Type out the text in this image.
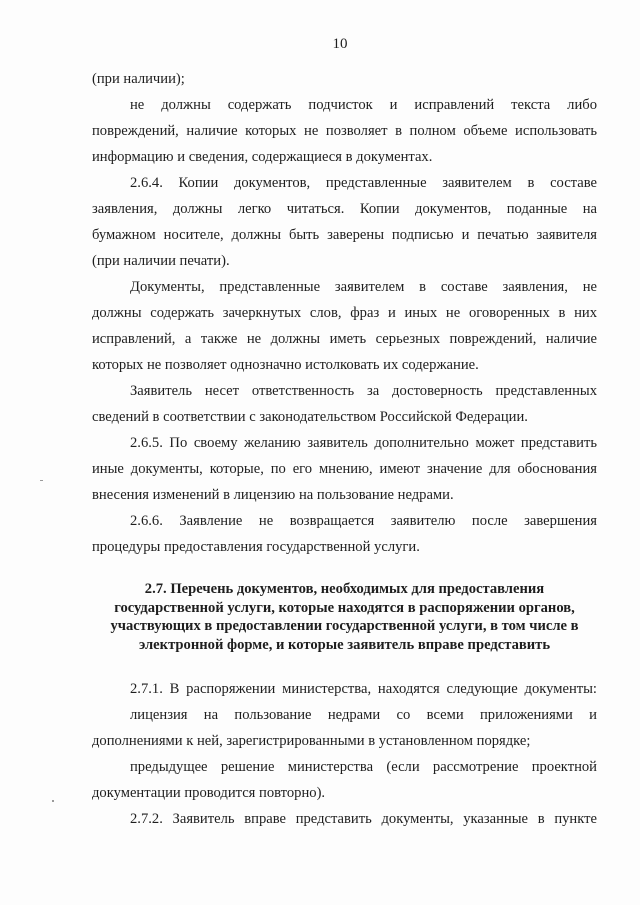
10
(при наличии);
не должны содержать подчисток и исправлений текста либо
повреждений, наличие которых не позволяет в полном объеме использовать
информацию и сведения, содержащиеся в документах.
2.6.4. Копии документов, представленные заявителем в составе
заявления, должны легко читаться. Копии документов, поданные на
бумажном носителе, должны быть заверены подписью и печатью заявителя
(при наличии печати).
Документы, представленные заявителем в составе заявления, не
должны содержать зачеркнутых слов, фраз и иных не оговоренных в них
исправлений, а также не должны иметь серьезных повреждений, наличие
которых не позволяет однозначно истолковать их содержание.
Заявитель несет ответственность за достоверность представленных
сведений в соответствии с законодательством Российской Федерации.
2.6.5. По своему желанию заявитель дополнительно может представить
иные документы, которые, по его мнению, имеют значение для обоснования
внесения изменений в лицензию на пользование недрами.
2.6.6. Заявление не возвращается заявителю после завершения
процедуры предоставления государственной услуги.
2.7. Перечень документов, необходимых для предоставления
государственной услуги, которые находятся в распоряжении органов,
участвующих в предоставлении государственной услуги, в том числе в
электронной форме, и которые заявитель вправе представить
2.7.1. В распоряжении министерства, находятся следующие документы:
лицензия на пользование недрами со всеми приложениями и
дополнениями к ней, зарегистрированными в установленном порядке;
предыдущее решение министерства (если рассмотрение проектной
документации проводится повторно).
2.7.2. Заявитель вправе представить документы, указанные в пункте
